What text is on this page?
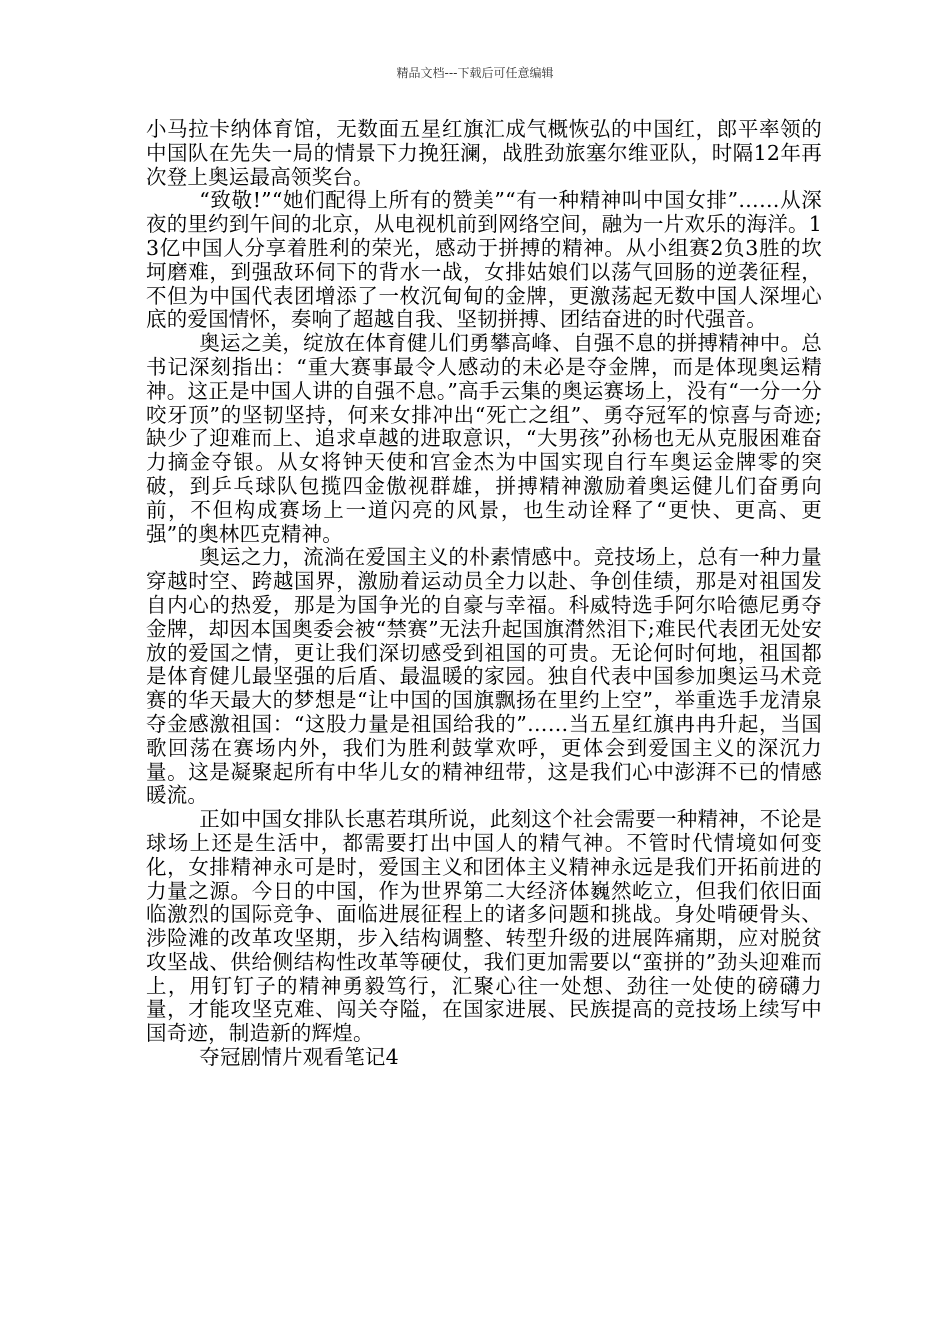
精品文档---下载后可任意编辑

小马拉卡纳体育馆，无数面五星红旗汇成气概恢弘的中国红，郎平率领的中国队在先失一局的情景下力挽狂澜，战胜劲旅塞尔维亚队，时隔12年再次登上奥运最高领奖台。

“致敬!”“她们配得上所有的赞美”“有一种精神叫中国女排”……从深夜的里约到午间的北京，从电视机前到网络空间，融为一片欢乐的海洋。13亿中国人分享着胜利的荣光，感动于拼搏的精神。从小组赛2负3胜的坎坷磨难，到强敌环伺下的背水一战，女排姑娘们以荡气回肠的逆袭征程，不但为中国代表团增添了一枚沉甸甸的金牌，更激荡起无数中国人深埋心底的爱国情怀，奏响了超越自我、坚韧拼搏、团结奋进的时代强音。

奥运之美，绽放在体育健儿们勇攀高峰、自强不息的拼搏精神中。总书记深刻指出：“重大赛事最令人感动的未必是夺金牌，而是体现奥运精神。这正是中国人讲的自强不息。”高手云集的奥运赛场上，没有“一分一分咬牙顶”的坚韧坚持，何来女排冲出“死亡之组”、勇夺冠军的惊喜与奇迹;缺少了迎难而上、追求卓越的进取意识，“大男孩”孙杨也无从克服困难奋力摘金夺银。从女将钟天使和宫金杰为中国实现自行车奥运金牌零的突破，到乒乓球队包揽四金傲视群雄，拼搏精神激励着奥运健儿们奋勇向前，不但构成赛场上一道闪亮的风景，也生动诠释了“更快、更高、更强”的奥林匹克精神。

奥运之力，流淌在爱国主义的朴素情感中。竞技场上，总有一种力量穿越时空、跨越国界，激励着运动员全力以赴、争创佳绩，那是对祖国发自内心的热爱，那是为国争光的自豪与幸福。科威特选手阿尔哈德尼勇夺金牌，却因本国奥委会被“禁赛”无法升起国旗潸然泪下;难民代表团无处安放的爱国之情，更让我们深切感受到祖国的可贵。无论何时何地，祖国都是体育健儿最坚强的后盾、最温暖的家园。独自代表中国参加奥运马术竞赛的华天最大的梦想是“让中国的国旗飘扬在里约上空”，举重选手龙清泉夺金感激祖国：“这股力量是祖国给我的”……当五星红旗冉冉升起，当国歌回荡在赛场内外，我们为胜利鼓掌欢呼，更体会到爱国主义的深沉力量。这是凝聚起所有中华儿女的精神纽带，这是我们心中澎湃不已的情感暖流。

正如中国女排队长惠若琪所说，此刻这个社会需要一种精神，不论是球场上还是生活中，都需要打出中国人的精气神。不管时代情境如何变化，女排精神永可是时，爱国主义和团体主义精神永远是我们开拓前进的力量之源。今日的中国，作为世界第二大经济体巍然屹立，但我们依旧面临激烈的国际竞争、面临进展征程上的诸多问题和挑战。身处啃硬骨头、涉险滩的改革攻坚期，步入结构调整、转型升级的进展阵痛期，应对脱贫攻坚战、供给侧结构性改革等硬仗，我们更加需要以“蛮拼的”劲头迎难而上，用钉钉子的精神勇毅笃行，汇聚心往一处想、劲往一处使的磅礴力量，才能攻坚克难、闯关夺隘，在国家进展、民族提高的竞技场上续写中国奇迹，制造新的辉煌。

夺冠剧情片观看笔记4
